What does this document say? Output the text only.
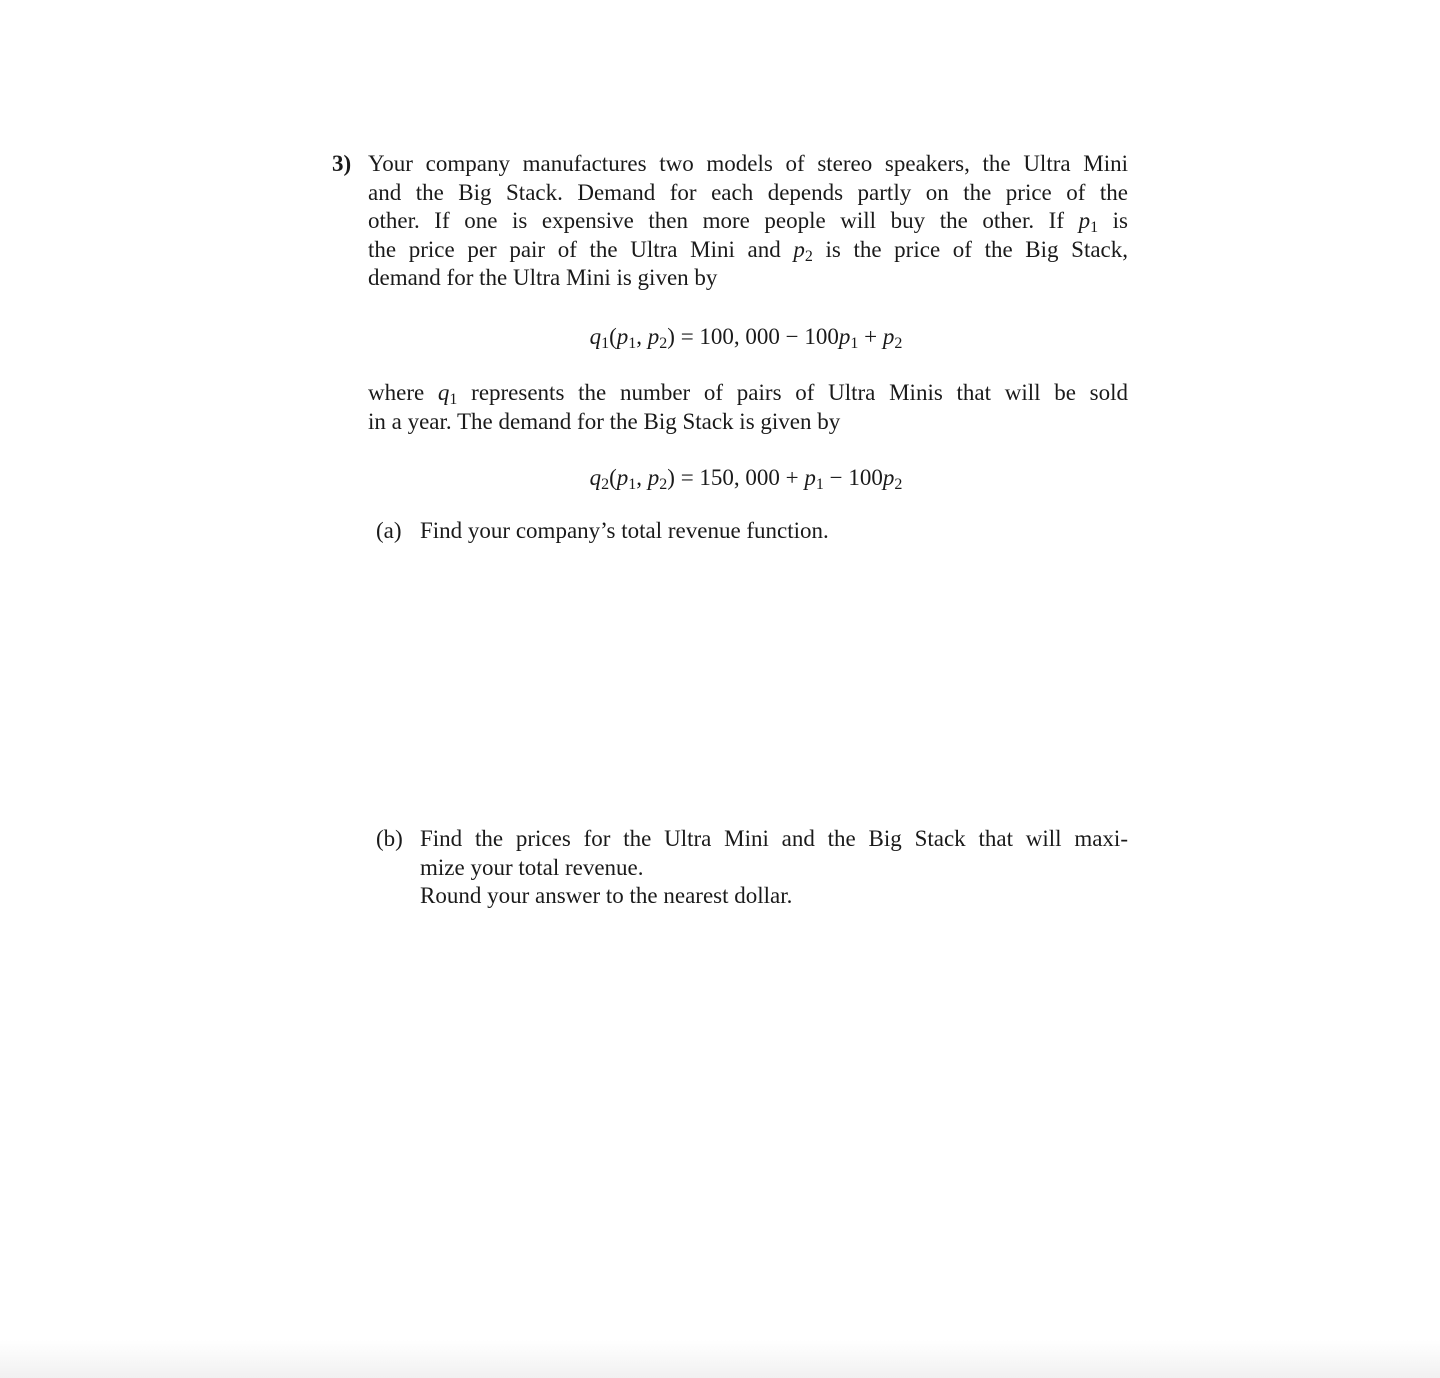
3) Your company manufactures two models of stereo speakers, the Ultra Mini
and the Big Stack. Demand for each depends partly on the price of the
other. If one is expensive then more people will buy the other. If $p_1$ is
the price per pair of the Ultra Mini and $p_2$ is the price of the Big Stack,
demand for the Ultra Mini is given by
$q_1(p_1$, $p_2) = 100$, $000 - 100p_1 + p_2$
where $q_1$ represents the number of pairs of Ultra Minis that will be sold
in a year. The demand for the Big Stack is given by
$q_2(p_1$, $p_2) = 150$, $000 + p_1 - 100p_2$
(a) Find your company’s total revenue function.
(b) Find the prices for the Ultra Mini and the Big Stack that will maxi-
mize your total revenue.
Round your answer to the nearest dollar.
